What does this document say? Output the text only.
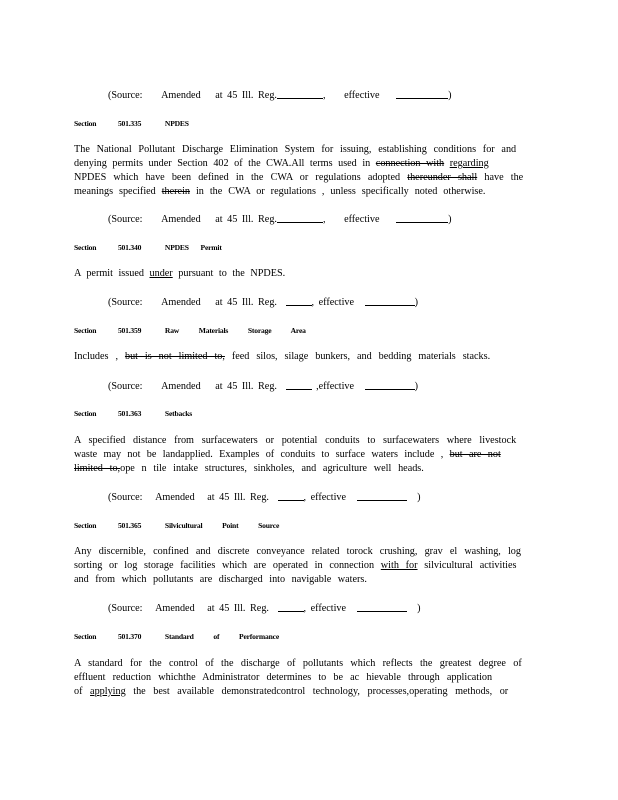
(Source: Amended at 45 Ill. Reg.	, effective	)
Section	501.335	NPDES
The National Pollutant Discharge Elimination System for issuing, establishing conditions for and
denying permits under Section 402 of the CWA.All terms used in connection with regarding
NPDES which have been defined in the CWA or regulations adopted thereunder shall have the
meanings specified therein in the CWA or regulations , unless specifically noted otherwise.
(Source: Amended at 45 Ill. Reg.	, effective	)
Section	501.340	NPDES Permit
A permit issued under pursuant to the NPDES.
(Source: Amended at 45 Ill. Reg.	, effective	)
Section	501.359	Raw Materials Storage Area
Includes , but is not limited to, feed silos, silage bunkers, and bedding materials stacks.
(Source: Amended at 45 Ill. Reg.	,effective	)
Section	501.363	Setbacks
A specified distance from surfacewaters or potential conduits to surfacewaters where livestock
waste may not be landapplied. Examples of conduits to surface waters include , but are not
limited to,ope n tile intake structures, sinkholes, and agriculture well heads.
(Source: Amended at 45 Ill. Reg.	, effective	)
Section	501.365	Silvicultural Point Source
Any discernible, confined and discrete conveyance related torock crushing, grav el washing, log
sorting or log storage facilities which are operated in connection with for silvicultural activities
and from which pollutants are discharged into navigable waters.
(Source: Amended at 45 Ill. Reg.	, effective	)
Section	501.370	Standard of Performance
A standard for the control of the discharge of pollutants which reflects the greatest degree of
effluent reduction whichthe Administrator determines to be ac hievable through application
of applying the best available demonstratedcontrol technology, processes,operating methods, or
